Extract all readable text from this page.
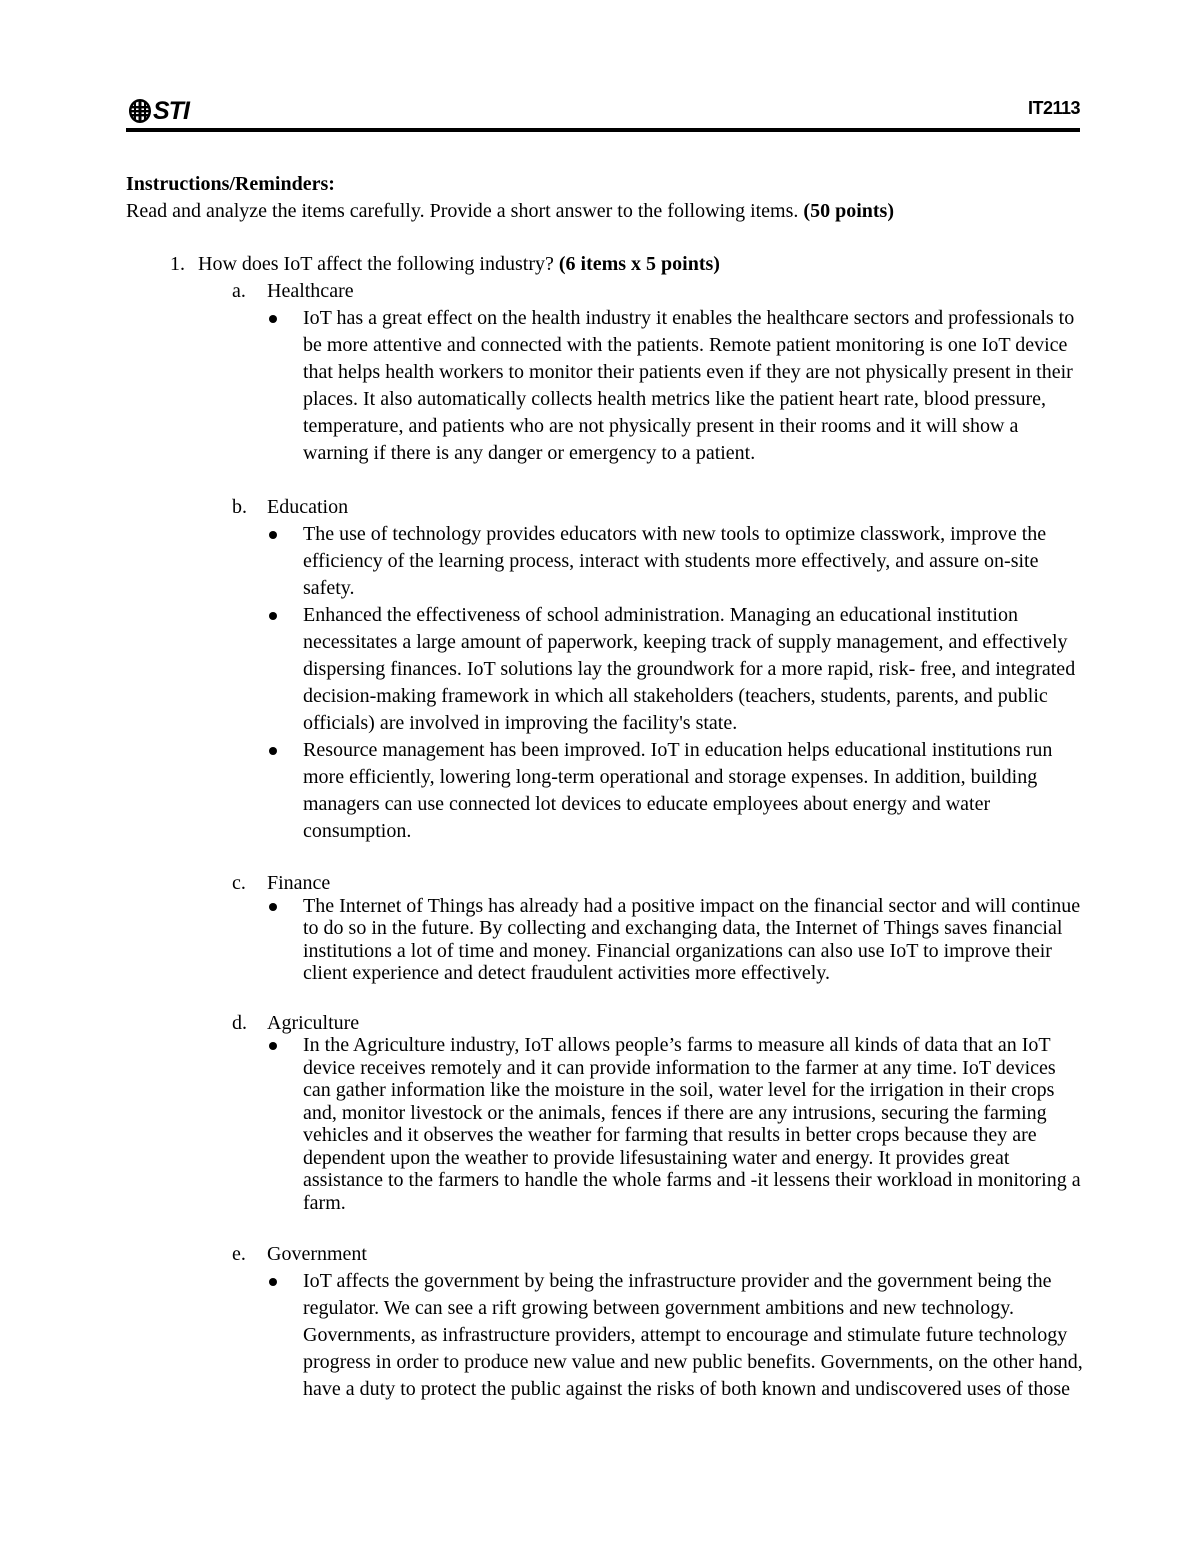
STI	IT2113
Instructions/Reminders:
Read and analyze the items carefully. Provide a short answer to the following items. (50 points)
1. How does IoT affect the following industry? (6 items x 5 points)
a.	Healthcare
IoT has a great effect on the health industry it enables the healthcare sectors and professionals to be more attentive and connected with the patients. Remote patient monitoring is one IoT device that helps health workers to monitor their patients even if they are not physically present in their places. It also automatically collects health metrics like the patient heart rate, blood pressure, temperature, and patients who are not physically present in their rooms and it will show a warning if there is any danger or emergency to a patient.
b.	Education
The use of technology provides educators with new tools to optimize classwork, improve the efficiency of the learning process, interact with students more effectively, and assure on-site safety.
Enhanced the effectiveness of school administration. Managing an educational institution necessitates a large amount of paperwork, keeping track of supply management, and effectively dispersing finances. IoT solutions lay the groundwork for a more rapid, risk- free, and integrated decision-making framework in which all stakeholders (teachers, students, parents, and public officials) are involved in improving the facility's state.
Resource management has been improved. IoT in education helps educational institutions run more efficiently, lowering long-term operational and storage expenses. In addition, building managers can use connected lot devices to educate employees about energy and water consumption.
c.	Finance
The Internet of Things has already had a positive impact on the financial sector and will continue to do so in the future. By collecting and exchanging data, the Internet of Things saves financial institutions a lot of time and money. Financial organizations can also use IoT to improve their client experience and detect fraudulent activities more effectively.
d.	Agriculture
In the Agriculture industry, IoT allows people’s farms to measure all kinds of data that an IoT device receives remotely and it can provide information to the farmer at any time. IoT devices can gather information like the moisture in the soil, water level for the irrigation in their crops and, monitor livestock or the animals, fences if there are any intrusions, securing the farming vehicles and it observes the weather for farming that results in better crops because they are dependent upon the weather to provide lifesustaining water and energy. It provides great assistance to the farmers to handle the whole farms and -it lessens their workload in monitoring a farm.
e.	Government
IoT affects the government by being the infrastructure provider and the government being the regulator. We can see a rift growing between government ambitions and new technology. Governments, as infrastructure providers, attempt to encourage and stimulate future technology progress in order to produce new value and new public benefits. Governments, on the other hand, have a duty to protect the public against the risks of both known and undiscovered uses of those
